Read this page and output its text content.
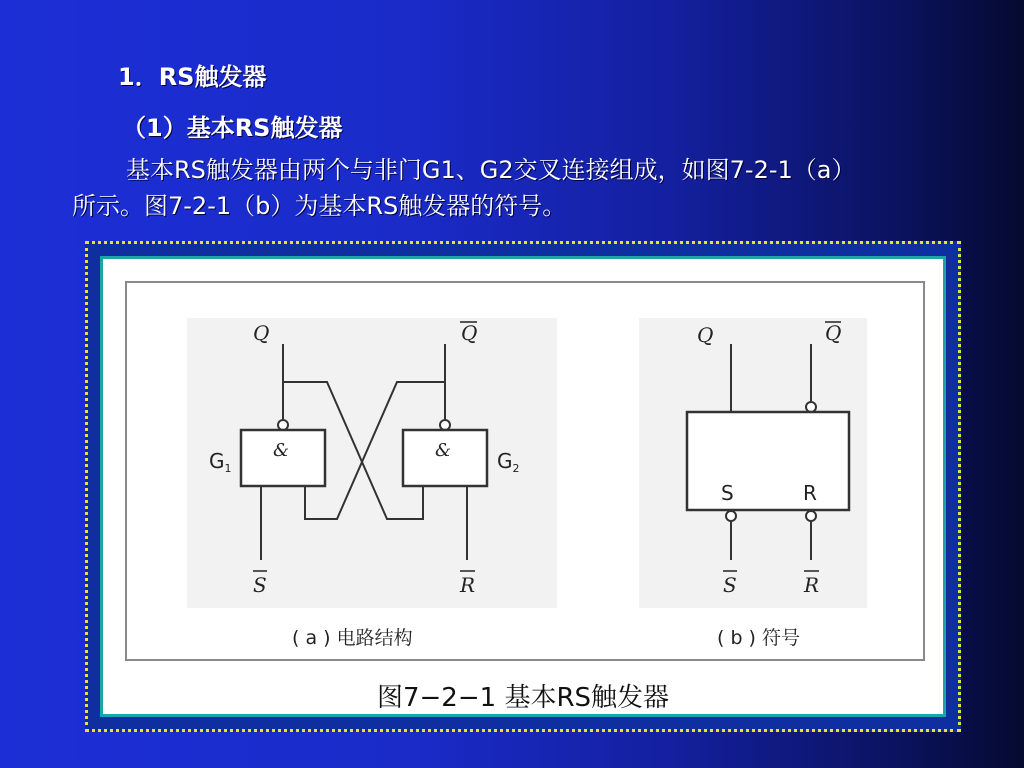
1．RS触发器
（1）基本RS触发器
基本RS触发器由两个与非门G1、G2交叉连接组成，如图7-2-1（a）
所示。图7-2-1（b）为基本RS触发器的符号。
Q	Q
&	&
$G_1$	$G_2$
S	R
Q	Q
S	R
S	R
( a ) 电路结构	( b ) 符号
图7−2−1 基本RS触发器
